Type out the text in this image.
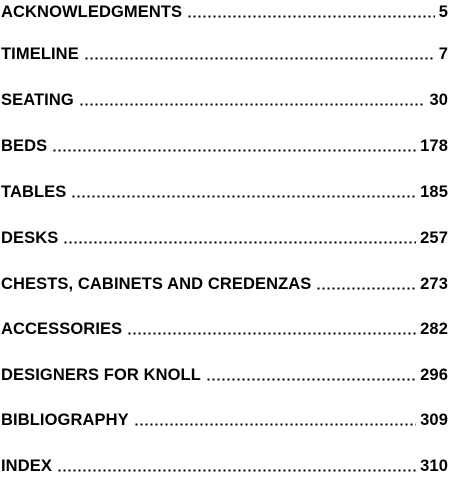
ACKNOWLEDGMENTS	5
TIMELINE	7
SEATING	30
BEDS	178
TABLES	185
DESKS	257
CHESTS, CABINETS AND CREDENZAS	273
ACCESSORIES	282
DESIGNERS FOR KNOLL	296
BIBLIOGRAPHY	309
INDEX	310
